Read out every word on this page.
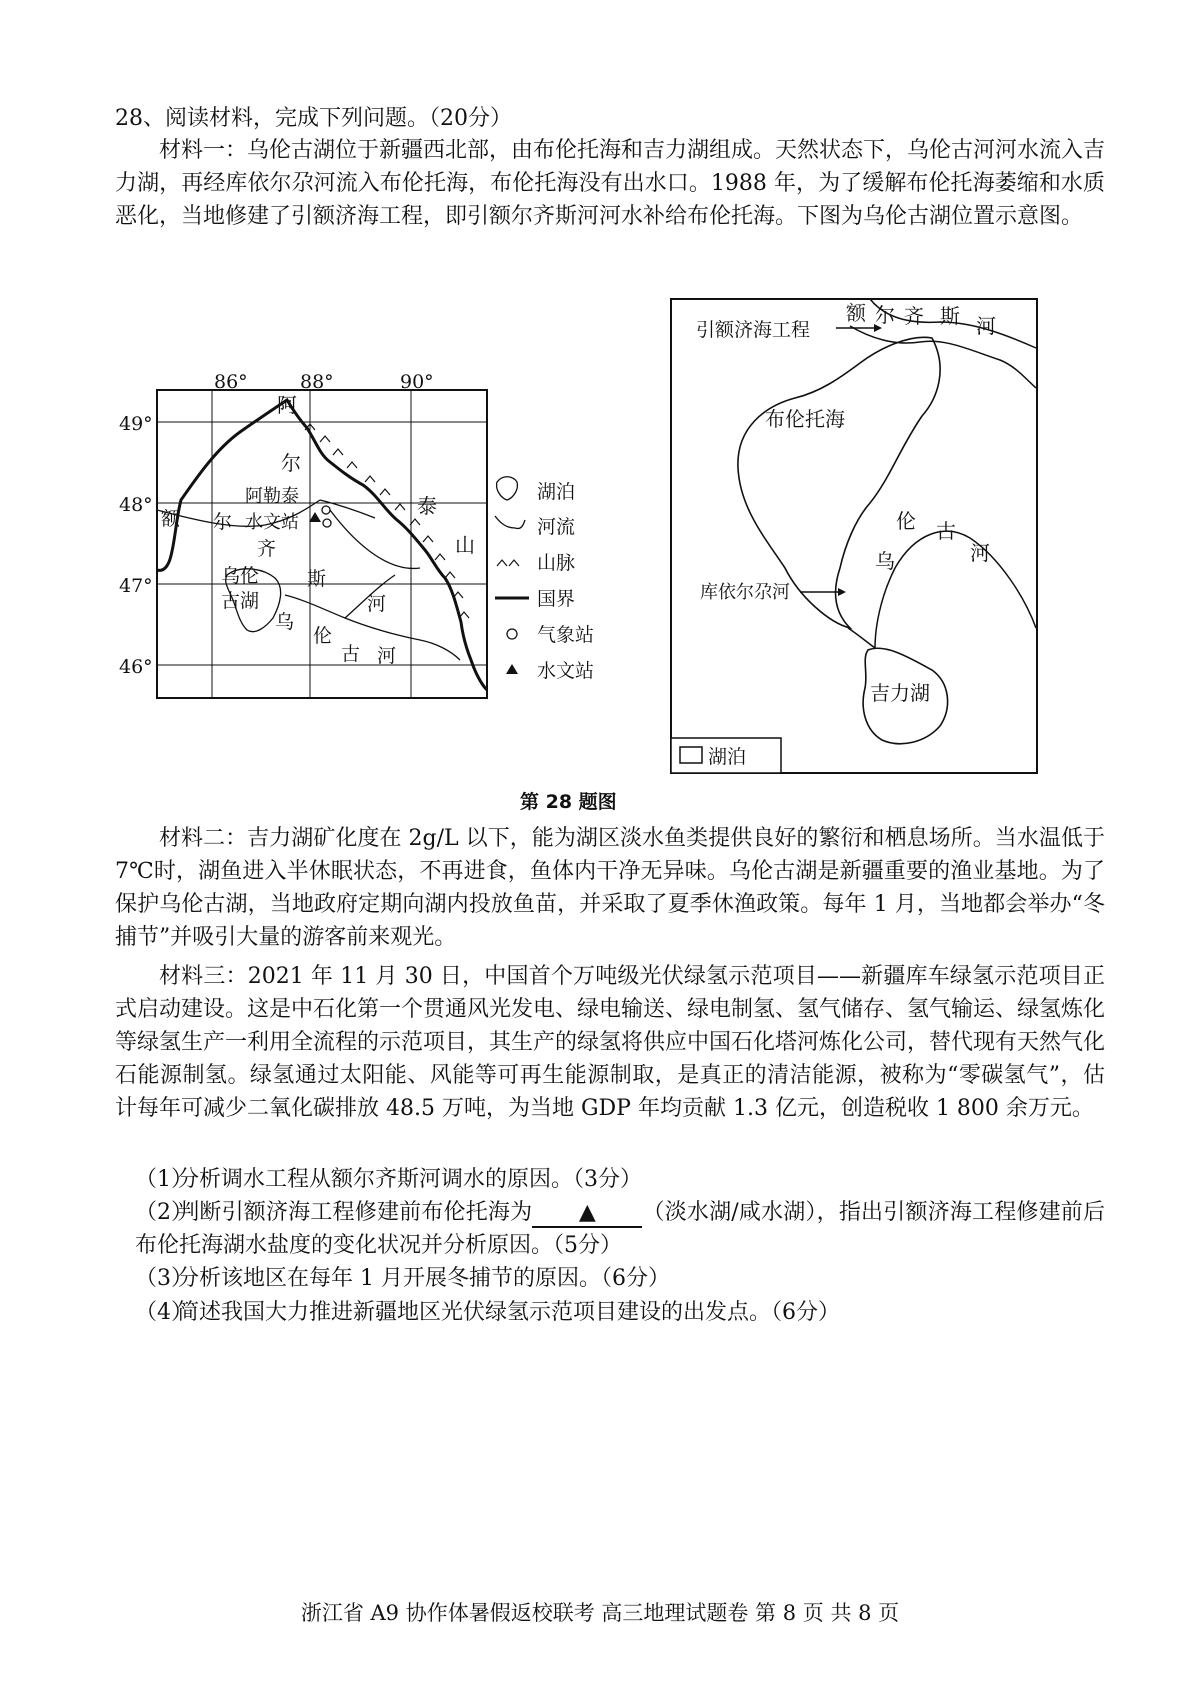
28、阅读材料，完成下列问题。（20分）
材料一：乌伦古湖位于新疆西北部，由布伦托海和吉力湖组成。天然状态下，乌伦古河河水流入吉力湖，再经库依尔尕河流入布伦托海，布伦托海没有出水口。1988 年，为了缓解布伦托海萎缩和水质恶化，当地修建了引额济海工程，即引额尔齐斯河河水补给布伦托海。下图为乌伦古湖位置示意图。
86°	88°	90°
49°
48°
47°
46°
阿
尔
泰
山
阿勒泰
水文站
额 尔
齐
斯
河
乌伦
古湖
乌
伦
古 河
湖泊
河流
山脉
国界
气象站
水文站
额 尔 齐 斯 河
引额济海工程
布伦托海
伦 古
河
乌
库依尔尕河
吉力湖
湖泊
第 28 题图
材料二：吉力湖矿化度在 2g/L 以下，能为湖区淡水鱼类提供良好的繁衍和栖息场所。当水温低于 7℃时，湖鱼进入半休眠状态，不再进食，鱼体内干净无异味。乌伦古湖是新疆重要的渔业基地。为了保护乌伦古湖，当地政府定期向湖内投放鱼苗，并采取了夏季休渔政策。每年 1 月，当地都会举办“冬捕节”并吸引大量的游客前来观光。
材料三：2021 年 11 月 30 日，中国首个万吨级光伏绿氢示范项目——新疆库车绿氢示范项目正式启动建设。这是中石化第一个贯通风光发电、绿电输送、绿电制氢、氢气储存、氢气输运、绿氢炼化等绿氢生产一利用全流程的示范项目，其生产的绿氢将供应中国石化塔河炼化公司，替代现有天然气化石能源制氢。绿氢通过太阳能、风能等可再生能源制取，是真正的清洁能源，被称为“零碳氢气”，估计每年可减少二氧化碳排放 48.5 万吨，为当地 GDP 年均贡献 1.3 亿元，创造税收 1 800 余万元。
（1）分析调水工程从额尔齐斯河调水的原因。（3分）
（2）判断引额济海工程修建前布伦托海为 ▲ （淡水湖/咸水湖），指出引额济海工程修建前后布伦托海湖水盐度的变化状况并分析原因。（5分）
（3）分析该地区在每年 1 月开展冬捕节的原因。（6分）
（4）简述我国大力推进新疆地区光伏绿氢示范项目建设的出发点。（6分）
浙江省 A9 协作体暑假返校联考 高三地理试题卷 第 8 页 共 8 页
